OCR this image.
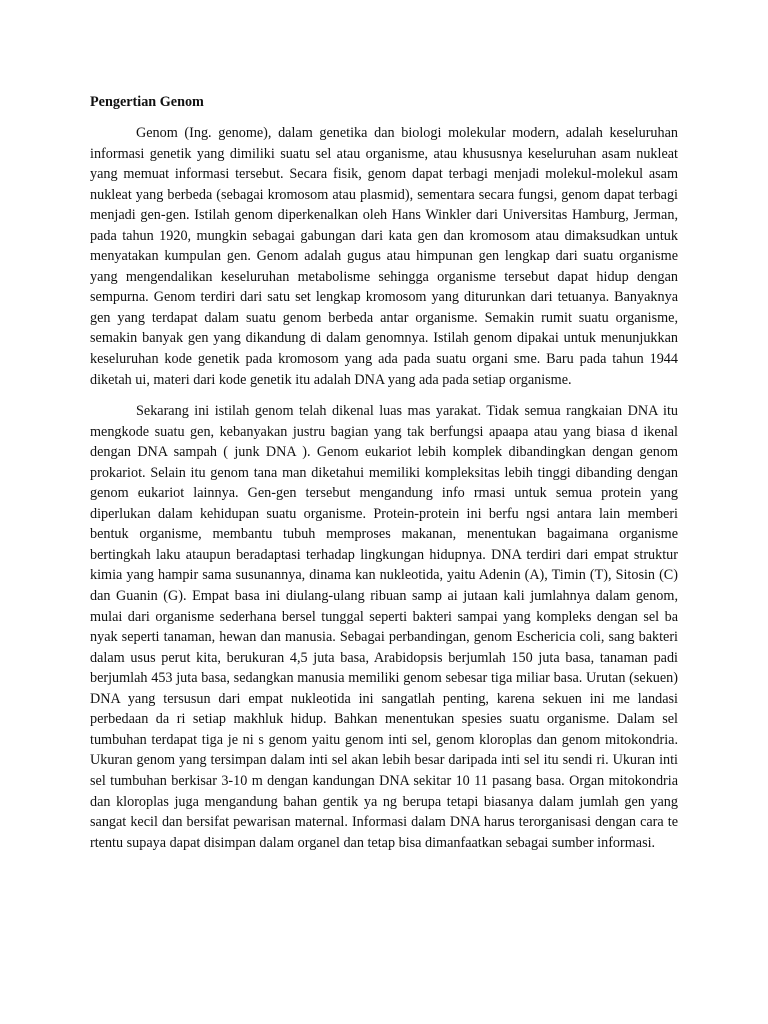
Pengertian Genom

Genom (Ing. genome), dalam genetika dan biologi molekular modern, adalah keseluruhan informasi genetik yang dimiliki suatu sel atau organisme, atau khususnya keseluruhan asam nukleat yang memuat informasi tersebut. Secara fisik, genom dapat terbagi menjadi molekul-molekul asam nukleat yang berbeda (sebagai kromosom atau plasmid), sementara secara fungsi, genom dapat terbagi menjadi gen-gen. Istilah genom diperkenalkan oleh Hans Winkler dari Universitas Hamburg, Jerman, pada tahun 1920, mungkin sebagai gabungan dari kata gen dan kromosom atau dimaksudkan untuk menyatakan kumpulan gen. Genom adalah gugus atau himpunan gen lengkap dari suatu organisme yang mengendalikan keseluruhan metabolisme sehingga organisme tersebut dapat hidup dengan sempurna. Genom terdiri dari satu set lengkap kromosom yang diturunkan dari tetuanya. Banyaknya gen yang terdapat dalam suatu genom berbeda antar organisme. Semakin rumit suatu organisme, semakin banyak gen yang dikandung di dalam genomnya. Istilah genom dipakai untuk menunjukkan keseluruhan kode genetik pada kromosom yang ada pada suatu organi sme. Baru pada tahun 1944 diketah ui, materi dari kode genetik itu adalah DNA yang ada pada setiap organisme.

Sekarang ini istilah genom telah dikenal luas mas yarakat. Tidak semua rangkaian DNA itu mengkode suatu gen, kebanyakan justru bagian yang tak berfungsi apaapa atau yang biasa d ikenal dengan DNA sampah ( junk DNA ). Genom eukariot lebih komplek dibandingkan dengan genom prokariot. Selain itu genom tana man diketahui memiliki kompleksitas lebih tinggi dibanding dengan genom eukariot lainnya. Gen-gen tersebut mengandung info rmasi untuk semua protein yang diperlukan dalam kehidupan suatu organisme. Protein-protein ini berfu ngsi antara lain memberi bentuk organisme, membantu tubuh memproses makanan, menentukan bagaimana organisme bertingkah laku ataupun beradaptasi terhadap lingkungan hidupnya. DNA terdiri dari empat struktur kimia yang hampir sama susunannya, dinama kan nukleotida, yaitu Adenin (A), Timin (T), Sitosin (C) dan Guanin (G). Empat basa ini diulang-ulang ribuan samp ai jutaan kali jumlahnya dalam genom, mulai dari organisme sederhana bersel tunggal seperti bakteri sampai yang kompleks dengan sel ba nyak seperti tanaman, hewan dan manusia. Sebagai perbandingan, genom Eschericia coli, sang bakteri dalam usus perut kita, berukuran 4,5 juta basa, Arabidopsis berjumlah 150 juta basa, tanaman padi berjumlah 453 juta basa, sedangkan manusia memiliki genom sebesar tiga miliar basa. Urutan (sekuen) DNA yang tersusun dari empat nukleotida ini sangatlah penting, karena sekuen ini me landasi perbedaan da ri setiap makhluk hidup. Bahkan menentukan spesies suatu organisme. Dalam sel tumbuhan terdapat tiga je ni s genom yaitu genom inti sel, genom kloroplas dan genom mitokondria. Ukuran genom yang tersimpan dalam inti sel akan lebih besar daripada inti sel itu sendi ri. Ukuran inti sel tumbuhan berkisar 3-10 m dengan kandungan DNA sekitar 10 11 pasang basa. Organ mitokondria dan kloroplas juga mengandung bahan gentik ya ng berupa tetapi biasanya dalam jumlah gen yang sangat kecil dan bersifat pewarisan maternal. Informasi dalam DNA harus terorganisasi dengan cara te rtentu supaya dapat disimpan dalam organel dan tetap bisa dimanfaatkan sebagai sumber informasi.
